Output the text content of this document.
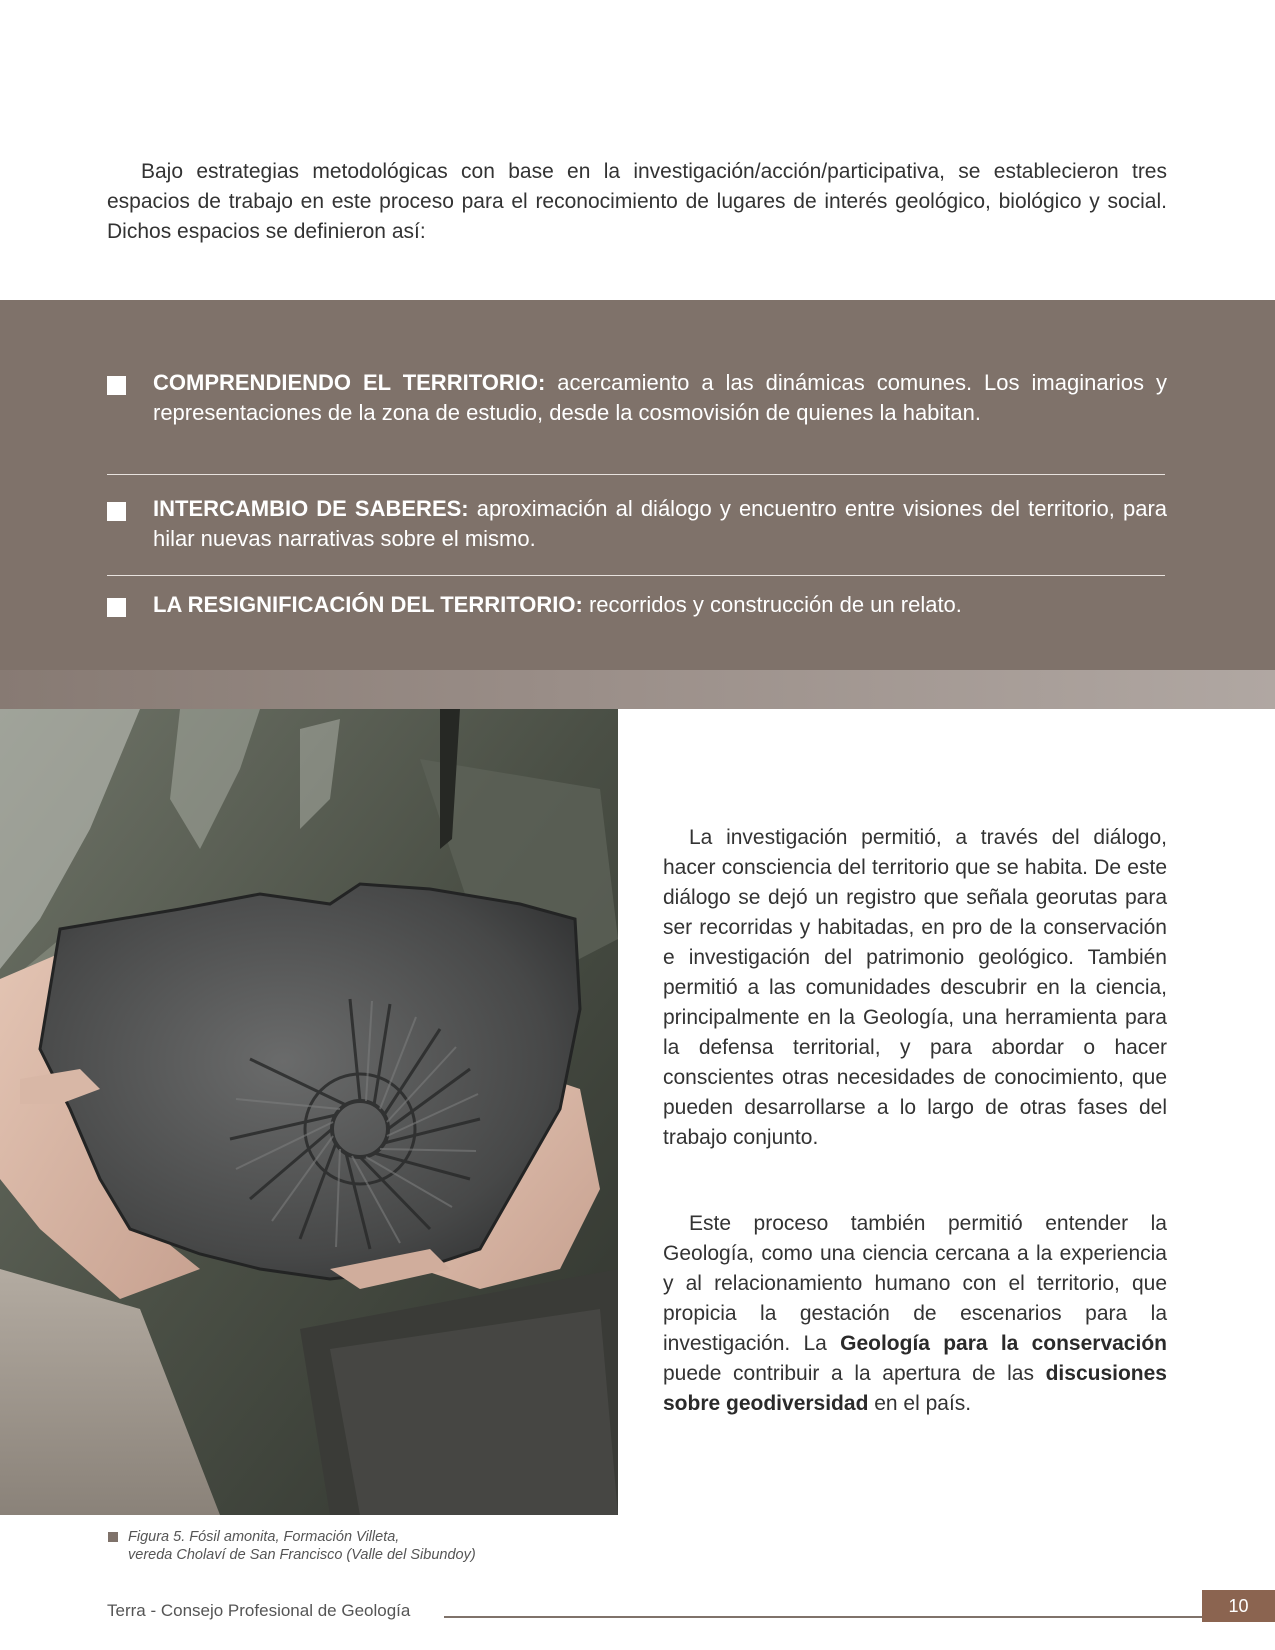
Bajo estrategias metodológicas con base en la investigación/acción/participativa, se establecieron tres espacios de trabajo en este proceso para el reconocimiento de lugares de interés geológico, biológico y social. Dichos espacios se definieron así:

COMPRENDIENDO EL TERRITORIO: acercamiento a las dinámicas comunes. Los imaginarios y representaciones de la zona de estudio, desde la cosmovisión de quienes la habitan.

INTERCAMBIO DE SABERES: aproximación al diálogo y encuentro entre visiones del territorio, para hilar nuevas narrativas sobre el mismo.

LA RESIGNIFICACIÓN DEL TERRITORIO: recorridos y construcción de un relato.

La investigación permitió, a través del diálogo, hacer consciencia del territorio que se habita. De este diálogo se dejó un registro que señala georutas para ser recorridas y habitadas, en pro de la conservación e investigación del patrimonio geológico. También permitió a las comunidades descubrir en la ciencia, principalmente en la Geología, una herramienta para la defensa territorial, y para abordar o hacer conscientes otras necesidades de conocimiento, que pueden desarrollarse a lo largo de otras fases del trabajo conjunto.

Este proceso también permitió entender la Geología, como una ciencia cercana a la experiencia y al relacionamiento humano con el territorio, que propicia la gestación de escenarios para la investigación. La Geología para la conservación puede contribuir a la apertura de las discusiones sobre geodiversidad en el país.

Figura 5. Fósil amonita, Formación Villeta,
vereda Cholaví de San Francisco (Valle del Sibundoy)
Terra - Consejo Profesional de Geología	10
